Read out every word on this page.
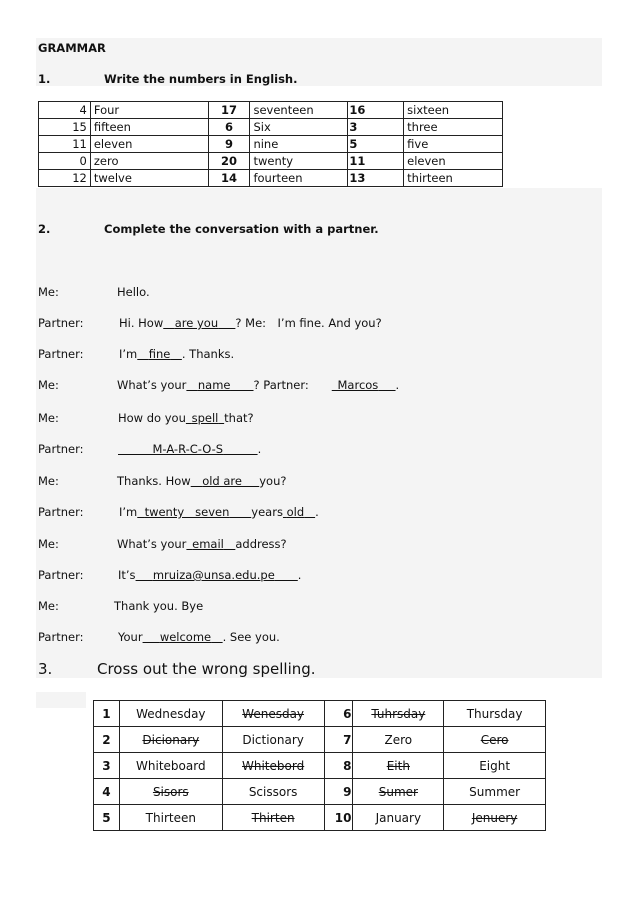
GRAMMAR
1.	Write the numbers in English.
4	Four	17	seventeen	16	sixteen
15	fifteen	6	Six	3	three
11	eleven	9	nine	5	five
0	zero	20	twenty	11	eleven
12	twelve	14	fourteen	13	thirteen
2.	Complete the conversation with a partner.
Me:	Hello.
Partner:	Hi. How  are you   ? Me:  I’m fine. And you?
Partner:	I’m   fine   . Thanks.
Me:	What’s your   name   ? Partner:   	Marcos   .
Me:	How do you  spell  that?
Partner:
   	M-A-R-C-O-S   	.
Me:	Thanks. How   old are   you?
Partner:	I’m twenty   seven years old .
Me:	What’s your  email  address?
Partner:	It’s   mruiza@unsa.edu.pe   .
Me:	Thank you. Bye
Partner:	Your   welcome  . See you.
3.	Cross out the wrong spelling.
1	Wednesday	Wenesday	6	Tuhrsday	Thursday
2	Dicionary	Dictionary	7	Zero	Cero
3	Whiteboard	Whitebord	8	Eith	Eight
4	Sisors	Scissors	9	Sumer	Summer
5	Thirteen	Thirten	10	January	Jenuery
